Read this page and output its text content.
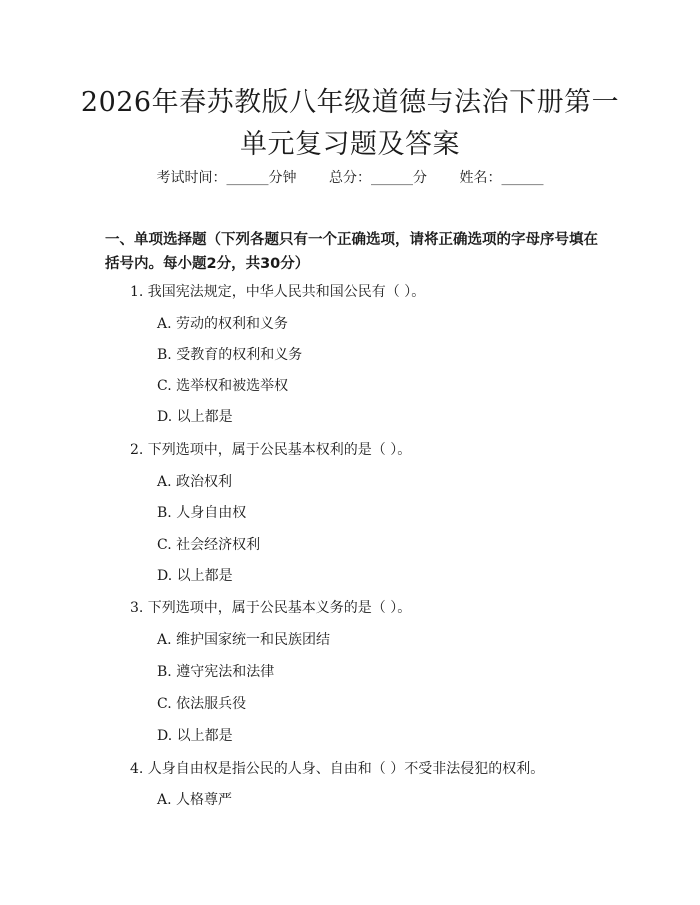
2026年春苏教版八年级道德与法治下册第一
单元复习题及答案
考试时间：______分钟 总分：______分 姓名：______
一、单项选择题（下列各题只有一个正确选项，请将正确选项的字母序号填在括号内。每小题2分，共30分）
1. 我国宪法规定，中华人民共和国公民有（ ）。
A. 劳动的权利和义务
B. 受教育的权利和义务
C. 选举权和被选举权
D. 以上都是
2. 下列选项中，属于公民基本权利的是（ ）。
A. 政治权利
B. 人身自由权
C. 社会经济权利
D. 以上都是
3. 下列选项中，属于公民基本义务的是（ ）。
A. 维护国家统一和民族团结
B. 遵守宪法和法律
C. 依法服兵役
D. 以上都是
4. 人身自由权是指公民的人身、自由和（ ）不受非法侵犯的权利。
A. 人格尊严
